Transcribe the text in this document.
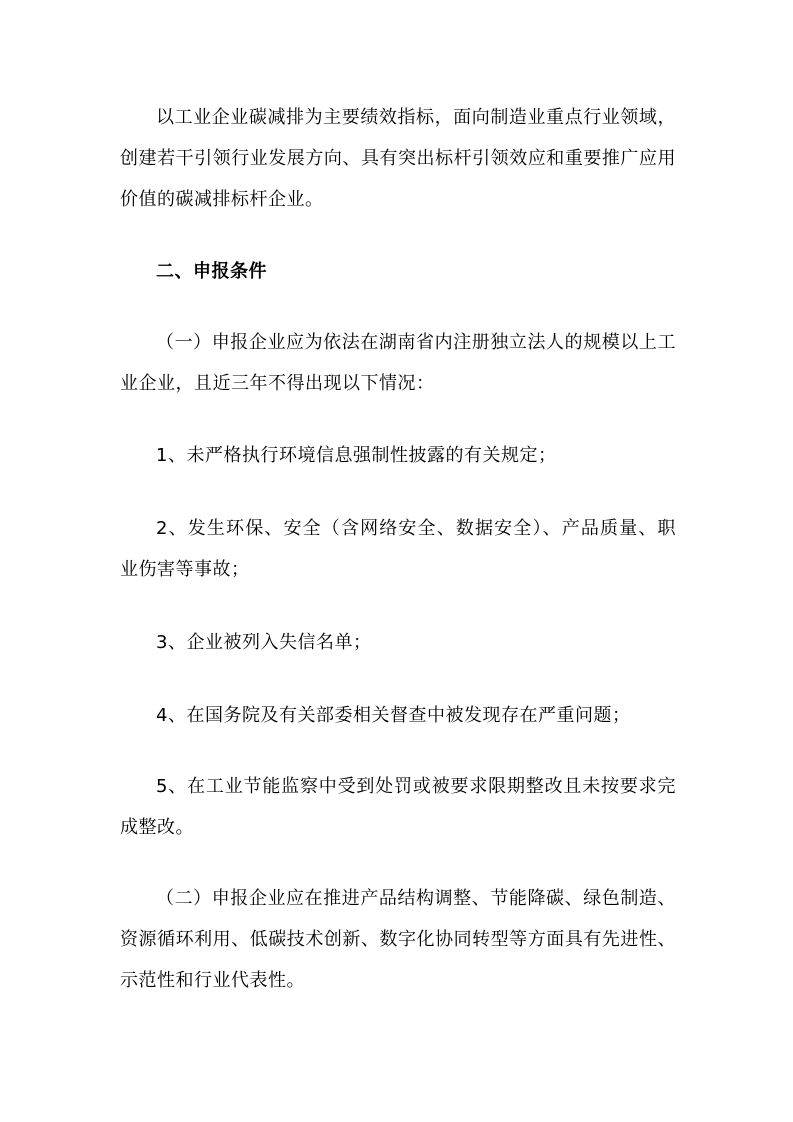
以工业企业碳减排为主要绩效指标，面向制造业重点行业领域，创建若干引领行业发展方向、具有突出标杆引领效应和重要推广应用价值的碳减排标杆企业。

二、申报条件

（一）申报企业应为依法在湖南省内注册独立法人的规模以上工业企业，且近三年不得出现以下情况：

1、未严格执行环境信息强制性披露的有关规定；

2、发生环保、安全（含网络安全、数据安全）、产品质量、职业伤害等事故；

3、企业被列入失信名单；

4、在国务院及有关部委相关督查中被发现存在严重问题；

5、在工业节能监察中受到处罚或被要求限期整改且未按要求完成整改。

（二）申报企业应在推进产品结构调整、节能降碳、绿色制造、资源循环利用、低碳技术创新、数字化协同转型等方面具有先进性、示范性和行业代表性。
